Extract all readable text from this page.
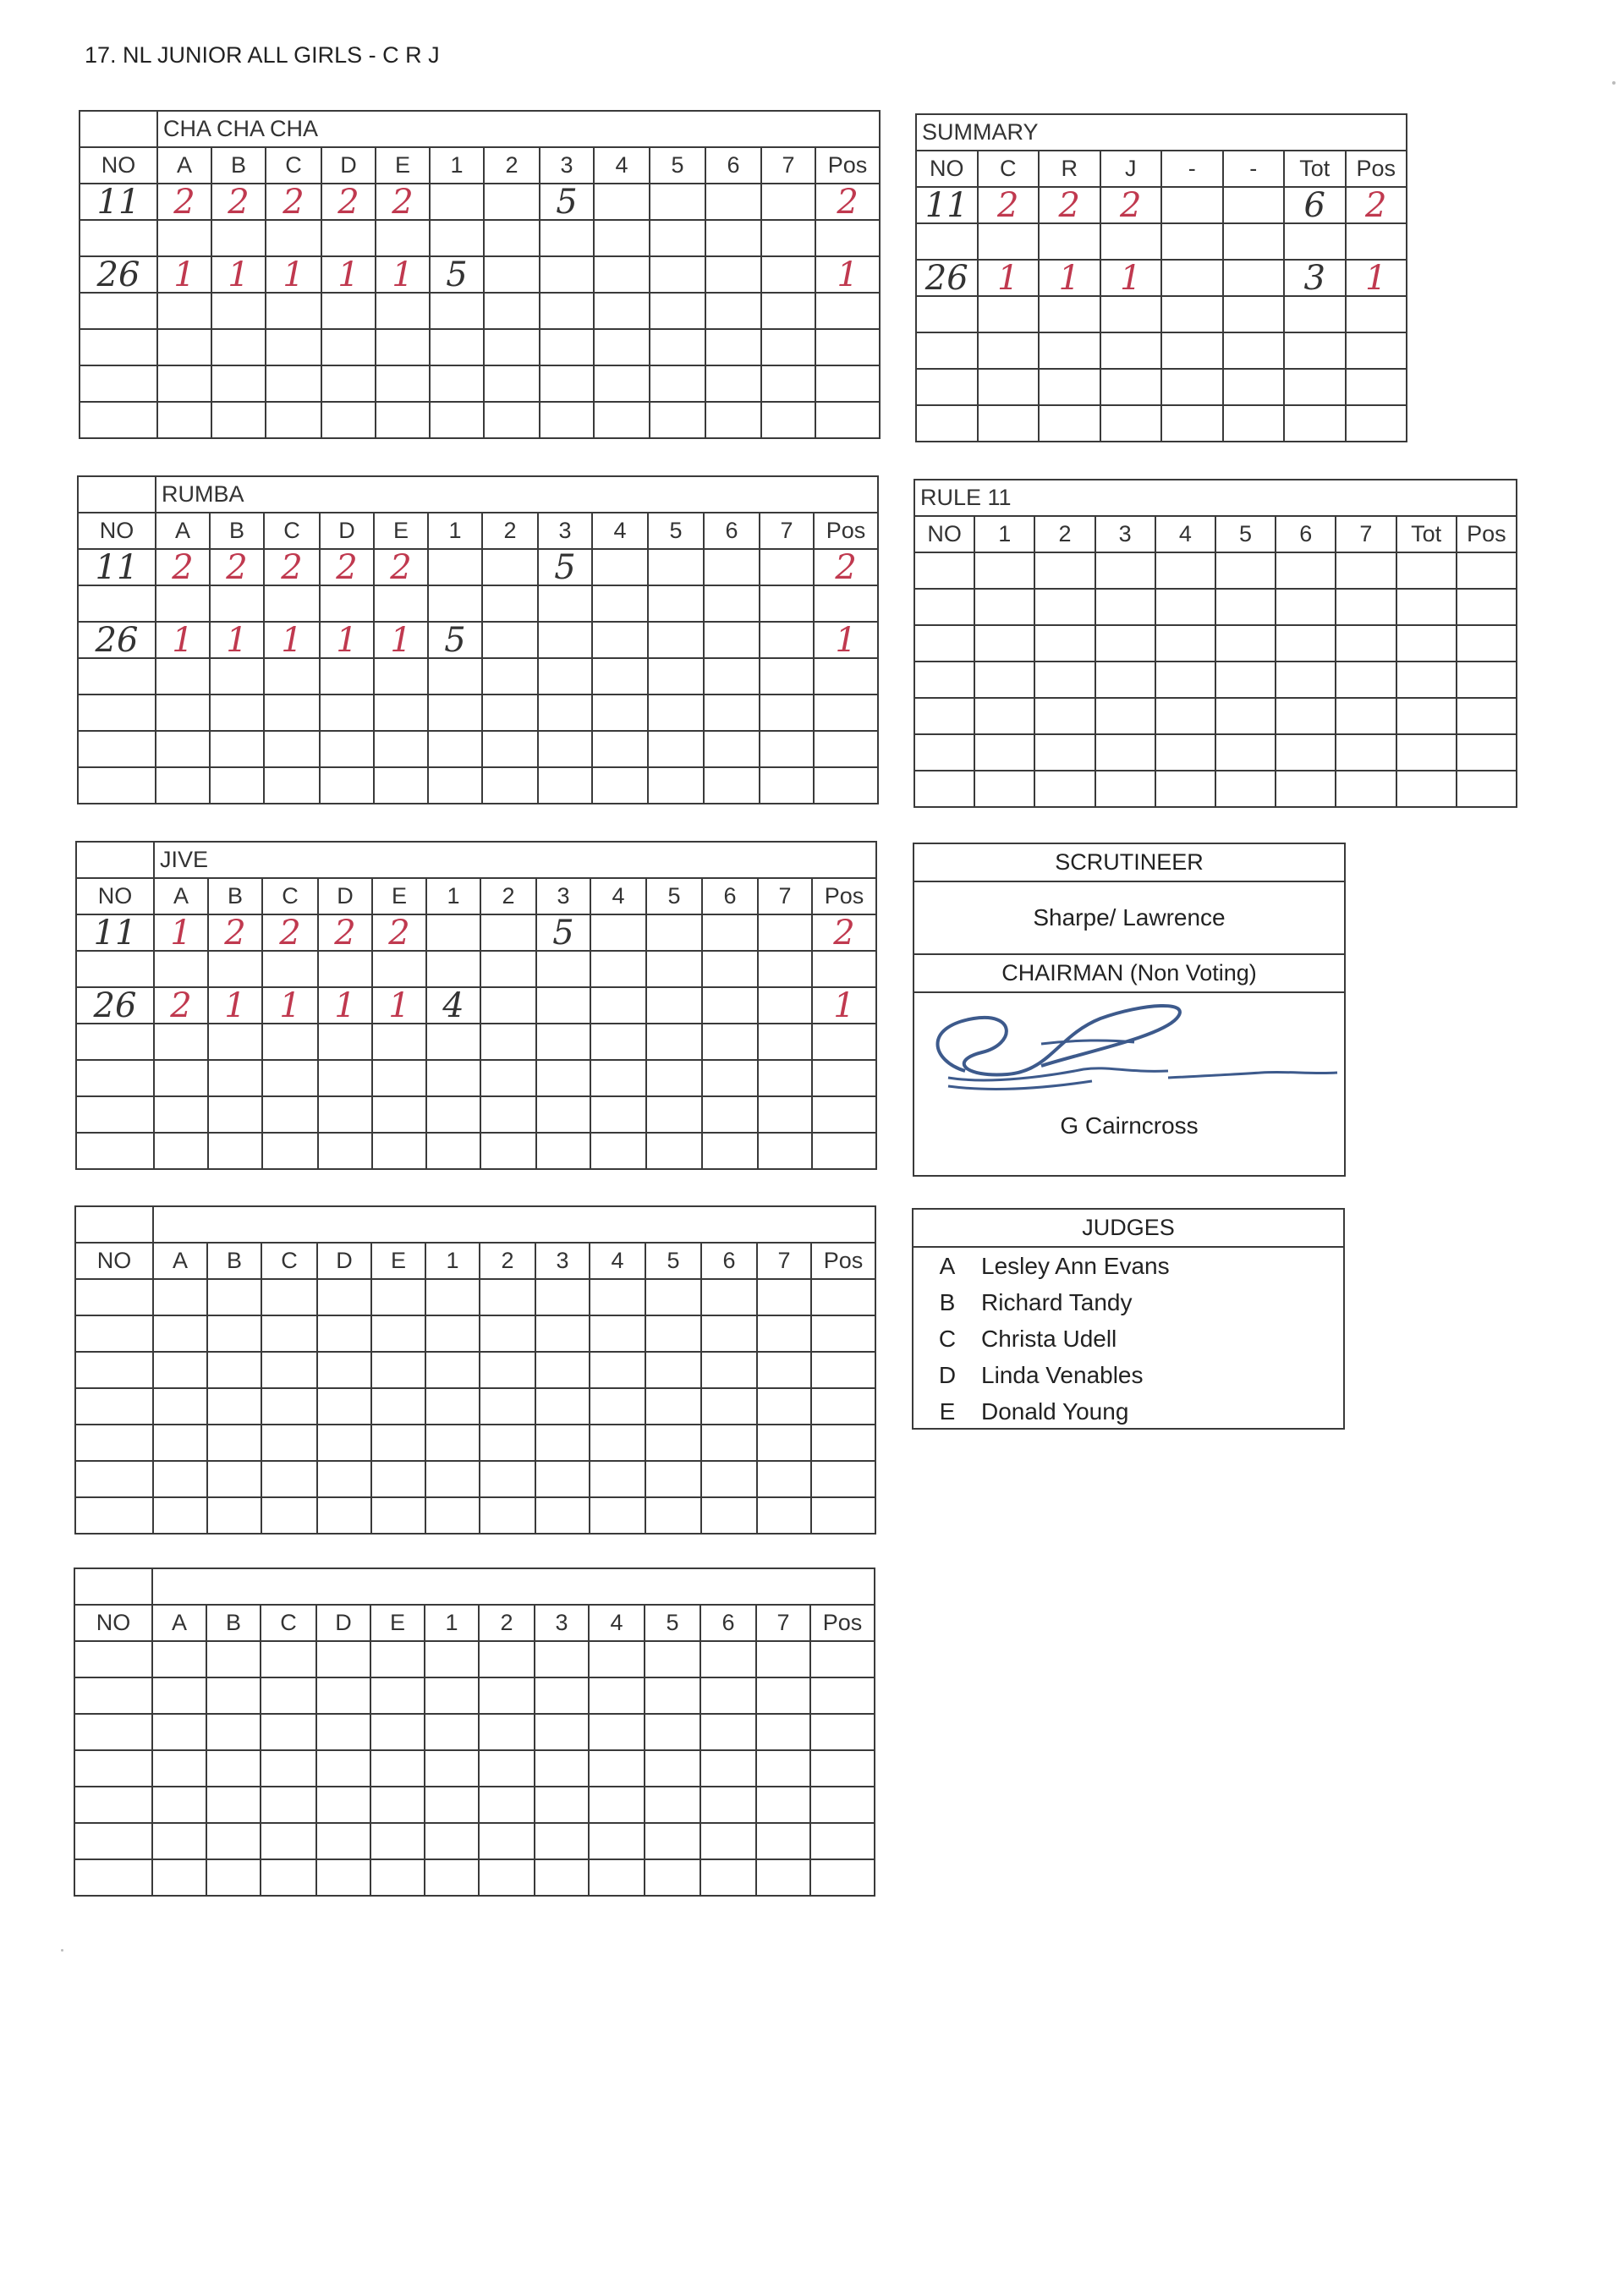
17. NL JUNIOR ALL GIRLS - C R J
	CHA CHA CHA												
NO	A	B	C	D	E	1	2	3	4	5	6	7	Pos
11	2	2	2	2	2			5					2

26	1	1	1	1	1	5							1

	RUMBA												
NO	A	B	C	D	E	1	2	3	4	5	6	7	Pos
11	2	2	2	2	2			5					2

26	1	1	1	1	1	5							1

	JIVE												
NO	A	B	C	D	E	1	2	3	4	5	6	7	Pos
11	1	2	2	2	2			5					2

26	2	1	1	1	1	4							1

NO	A	B	C	D	E	1	2	3	4	5	6	7	Pos

NO	A	B	C	D	E	1	2	3	4	5	6	7	Pos

SUMMARY							
NO	C	R	J	-	-	Tot	Pos
11	2	2	2			6	2

26	1	1	1			3	1

RULE 11									
NO	1	2	3	4	5	6	7	Tot	Pos

SCRUTINEER
Sharpe/ Lawrence
CHAIRMAN (Non Voting)
G Cairncross
JUDGES
A	Lesley Ann Evans
B	Richard Tandy
C	Christa Udell
D	Linda Venables
E	Donald Young
